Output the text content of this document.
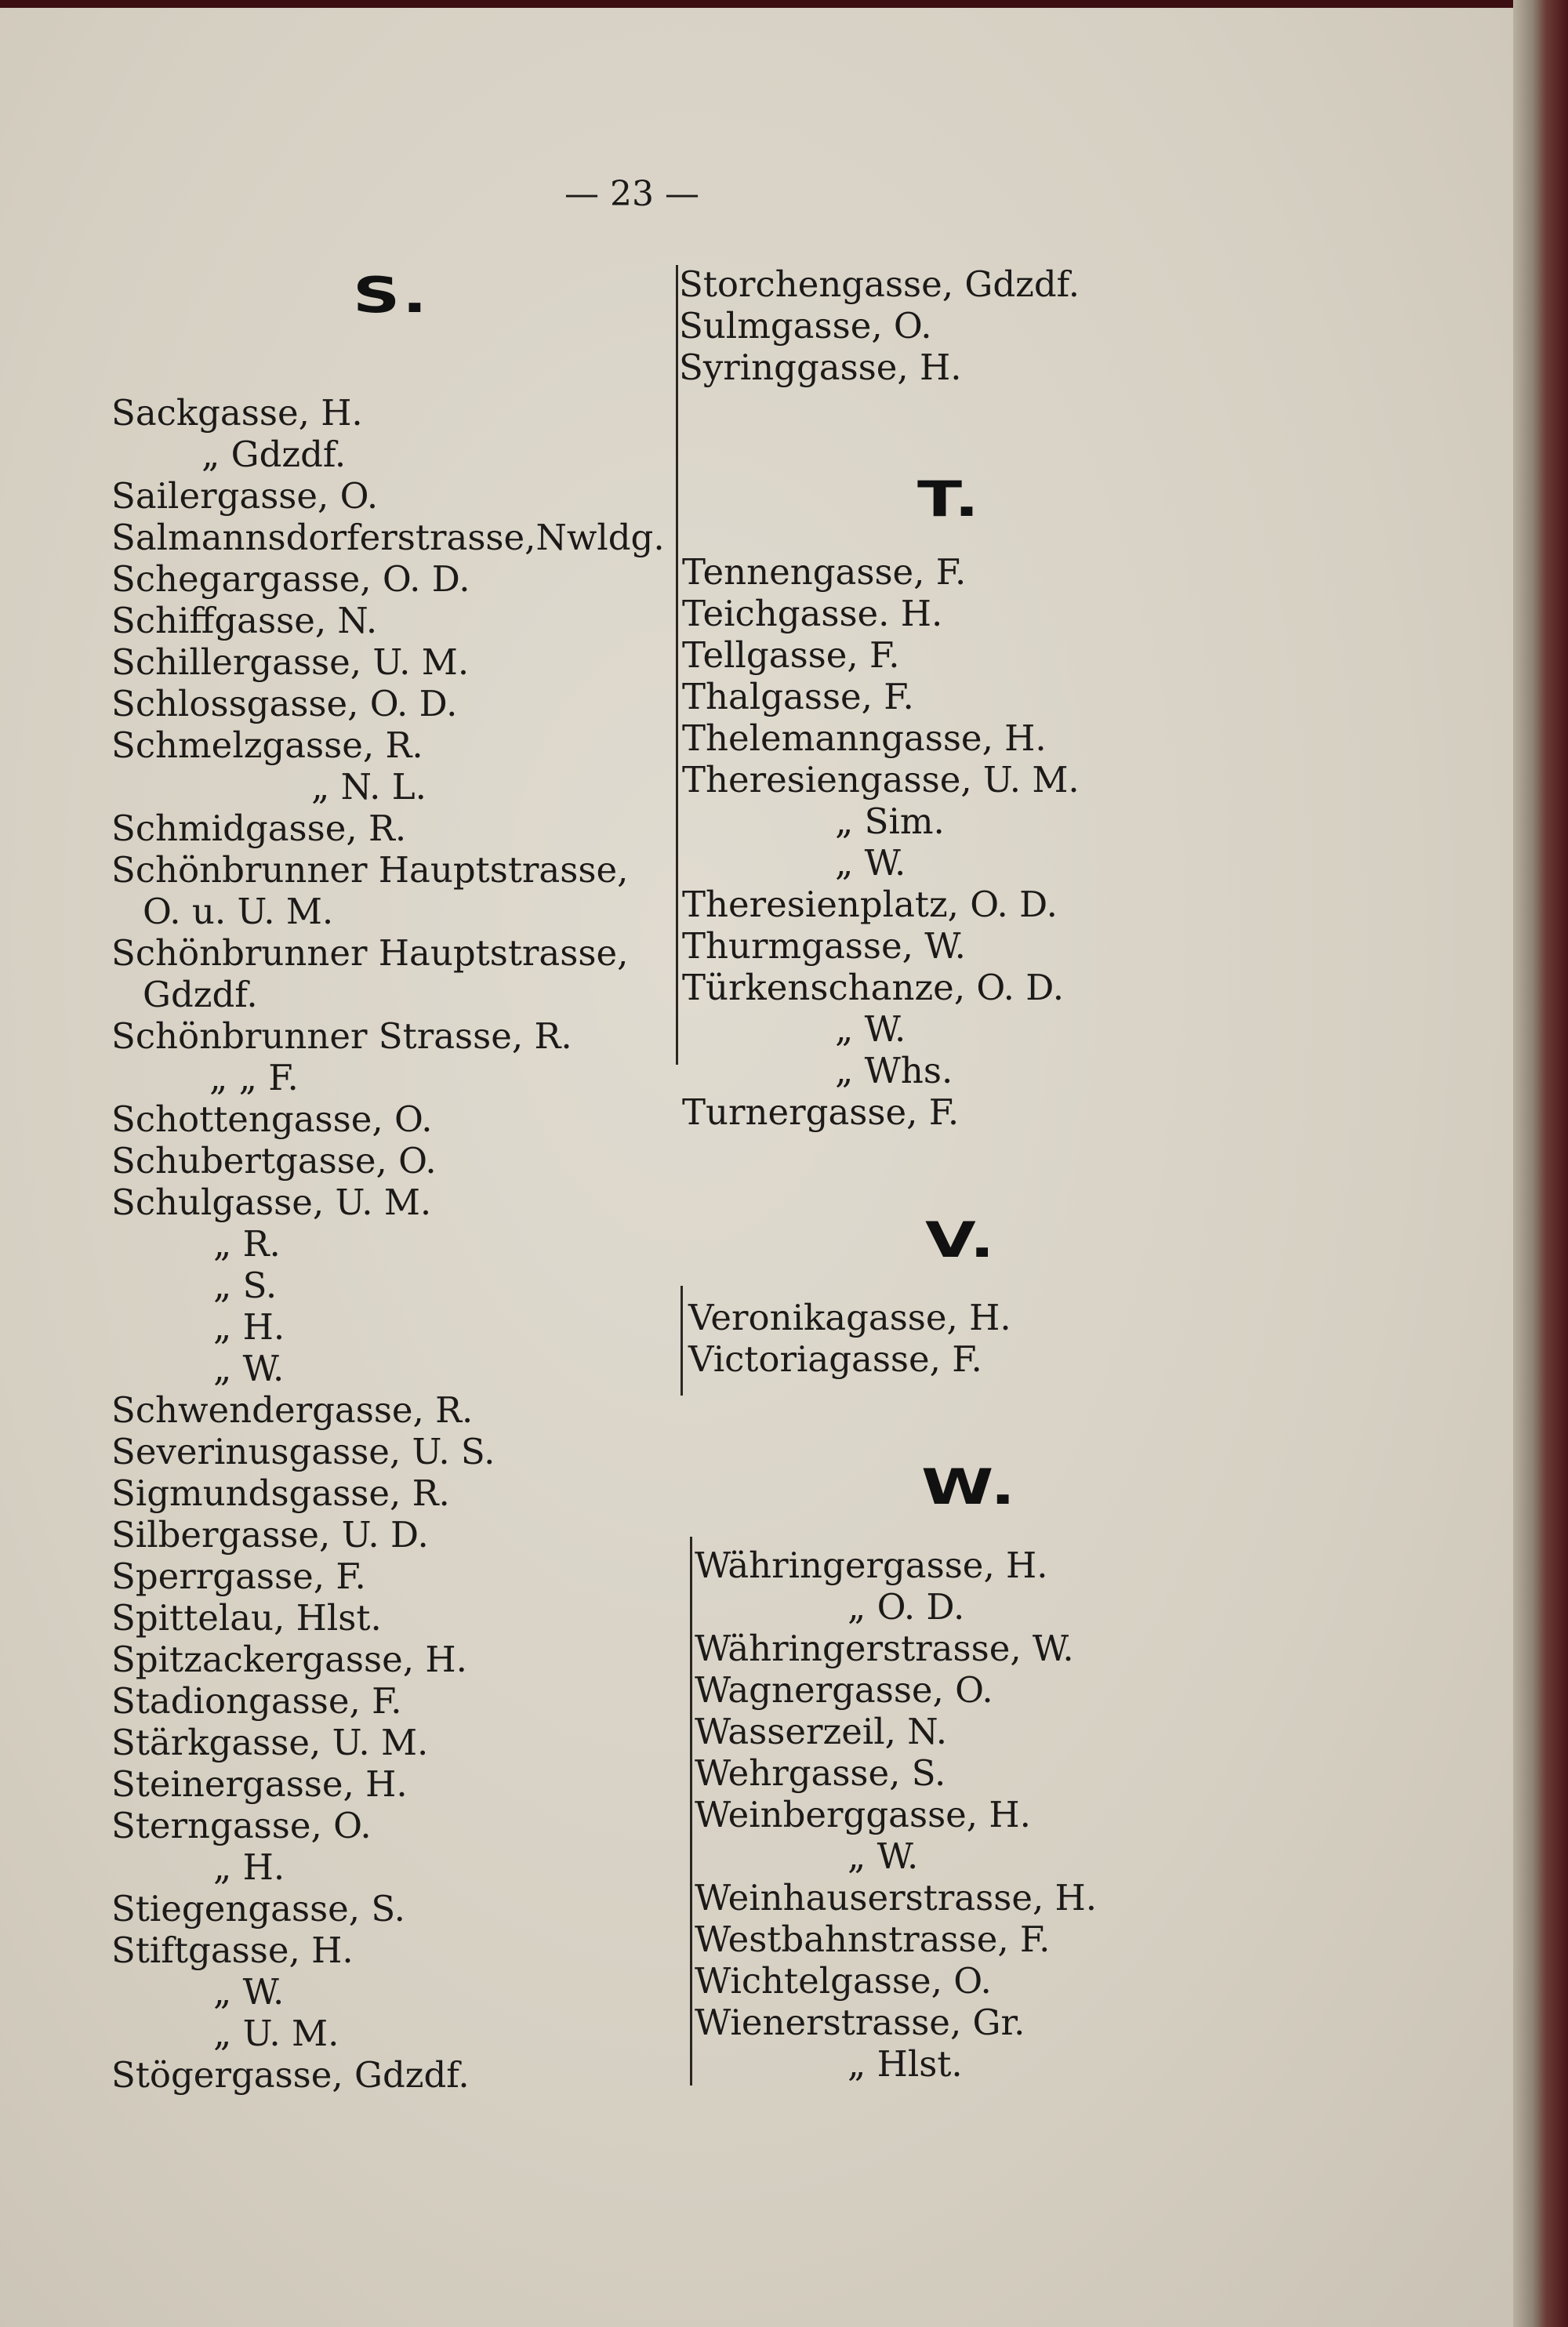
— 23 —
S.
T.
V.
W.
Sackgasse, H.
„ Gdzdf.
Sailergasse, O.
Salmannsdorferstrasse,Nwldg.
Schegargasse, O. D.
Schiffgasse, N.
Schillergasse, U. M.
Schlossgasse, O. D.
Schmelzgasse, R.
„ N. L.
Schmidgasse, R.
Schönbrunner Hauptstrasse,
O. u. U. M.
Schönbrunner Hauptstrasse,
Gdzdf.
Schönbrunner Strasse, R.
„ „ F.
Schottengasse, O.
Schubertgasse, O.
Schulgasse, U. M.
„ R.
„ S.
„ H.
„ W.
Schwendergasse, R.
Severinusgasse, U. S.
Sigmundsgasse, R.
Silbergasse, U. D.
Sperrgasse, F.
Spittelau, Hlst.
Spitzackergasse, H.
Stadiongasse, F.
Stärkgasse, U. M.
Steinergasse, H.
Sterngasse, O.
„ H.
Stiegengasse, S.
Stiftgasse, H.
„ W.
„ U. M.
Stögergasse, Gdzdf.
Storchengasse, Gdzdf.
Sulmgasse, O.
Syringgasse, H.
Tennengasse, F.
Teichgasse. H.
Tellgasse, F.
Thalgasse, F.
Thelemanngasse, H.
Theresiengasse, U. M.
„ Sim.
„ W.
Theresienplatz, O. D.
Thurmgasse, W.
Türkenschanze, O. D.
„ W.
„ Whs.
Turnergasse, F.
Veronikagasse, H.
Victoriagasse, F.
Währingergasse, H.
„ O. D.
Währingerstrasse, W.
Wagnergasse, O.
Wasserzeil, N.
Wehrgasse, S.
Weinberggasse, H.
„ W.
Weinhauserstrasse, H.
Westbahnstrasse, F.
Wichtelgasse, O.
Wienerstrasse, Gr.
„ Hlst.
